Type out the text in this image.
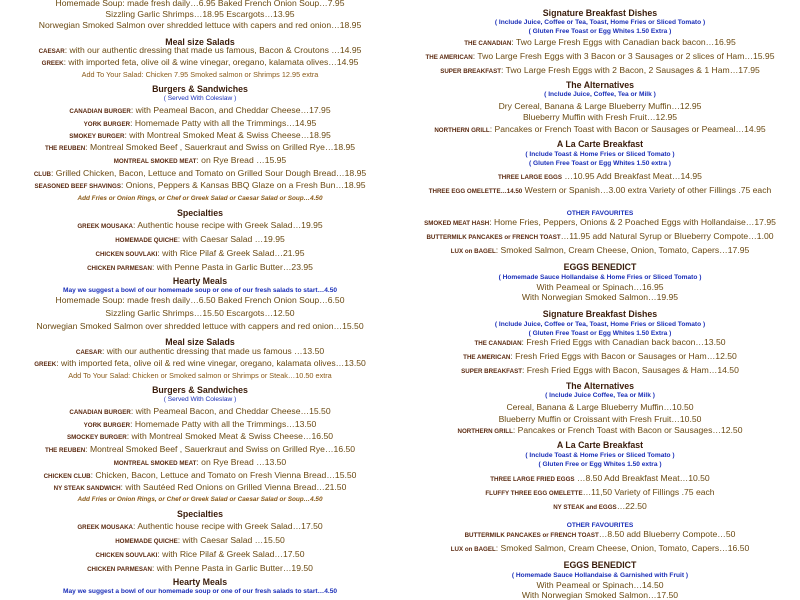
Homemade Soup: made fresh daily…6.95 Baked French Onion Soup…7.95
Sizzling Garlic Shrimps…18.95 Escargots…13.95
Norwegian Smoked Salmon over shredded lettuce with capers and red onion…18.95
Meal size Salads
CAESAR: with our authentic dressing that made us famous, Bacon & Croutons …14.95
GREEK: with imported feta, olive oil & wine vinegar, oregano, kalamata olives…14.95
Add To Your Salad: Chicken 7.95 Smoked salmon or Shrimps 12.95 extra
Burgers & Sandwiches
( Served With Coleslaw )
CANADIAN BURGER: with Peameal Bacon, and Cheddar Cheese…17.95
YORK BURGER: Homemade Patty with all the Trimmings…14.95
SMOKEY BURGER: with Montreal Smoked Meat & Swiss Cheese…18.95
THE REUBEN: Montreal Smoked Beef , Sauerkraut and Swiss on Grilled Rye…18.95
MONTREAL SMOKED MEAT: on Rye Bread …15.95
CLUB: Grilled Chicken, Bacon, Lettuce and Tomato on Grilled Sour Dough Bread…18.95
SEASONED BEEF SHAVINGS: Onions, Peppers & Kansas BBQ Glaze on a Fresh Bun…18.95
Add Fries or Onion Rings, or Chef or Greek Salad or Caesar Salad or Soup…4.50
Specialties
GREEK MOUSAKA: Authentic house recipe with Greek Salad…19.95
HOMEMADE QUICHE: with Caesar Salad …19.95
CHICKEN SOUVLAKI: with Rice Pilaf & Greek Salad…21.95
CHICKEN PARMESAN: with Penne Pasta in Garlic Butter…23.95
Hearty Meals
May we suggest a bowl of our homemade soup or one of our fresh salads to start…4.50
Homemade Soup: made fresh daily…6.50 Baked French Onion Soup…6.50
Sizzling Garlic Shrimps…15.50 Escargots…12.50
Norwegian Smoked Salmon over shredded lettuce with cappers and red onion…15.50
Meal size Salads
CAESAR: with our authentic dressing that made us famous …13.50
GREEK: with imported feta, olive oil & red wine vinegar, oregano, kalamata olives…13.50
Add To Your Salad: Chicken or Smoked salmon or Shrimps or Steak…10.50 extra
Burgers & Sandwiches
( Served With Coleslaw )
CANADIAN BURGER: with Peameal Bacon, and Cheddar Cheese…15.50
YORK BURGER: Homemade Patty with all the Trimmings…13.50
SMOCKEY BURGER: with Montreal Smoked Meat & Swiss Cheese…16.50
THE REUBEN: Montreal Smoked Beef , Sauerkraut and Swiss on Grilled Rye…16.50
MONTREAL SMOKED MEAT: on Rye Bread …13.50
CHICKEN CLUB: Chicken, Bacon, Lettuce and Tomato on Fresh Vienna Bread…15.50
NY STEAK SANDWICH: with Sautéed Red Onions on Grilled Vienna Bread…21.50
Add Fries or Onion Rings, or Chef or Greek Salad or Caesar Salad or Soup…4.50
Specialties
GREEK MOUSAKA: Authentic house recipe with Greek Salad…17.50
HOMEMADE QUICHE: with Caesar Salad …15.50
CHICKEN SOUVLAKI: with Rice Pilaf & Greek Salad…17.50
CHICKEN PARMESAN: with Penne Pasta in Garlic Butter…19.50
Hearty Meals
May we suggest a bowl of our homemade soup or one of our fresh salads to start…4.50
Signature Breakfast Dishes
( Include Juice, Coffee or Tea, Toast, Home Fries or Sliced Tomato )
( Gluten Free Toast or Egg Whites 1.50 Extra )
THE CANADIAN: Two Large Fresh Eggs with Canadian back bacon…16.95
THE AMERICAN: Two Large Fresh Eggs with 3 Bacon or 3 Sausages or 2 slices of Ham…15.95
SUPER BREAKFAST: Two Large Fresh Eggs with 2 Bacon, 2 Sausages & 1 Ham…17.95
The Alternatives
( Include Juice, Coffee, Tea or Milk )
Dry Cereal, Banana & Large Blueberry Muffin…12.95
Blueberry Muffin with Fresh Fruit…12.95
NORTHERN GRILL: Pancakes or French Toast with Bacon or Sausages or Peameal…14.95
A La Carte Breakfast
( Include Toast & Home Fries or Sliced Tomato )
( Gluten Free Toast or Egg Whites 1.50 extra )
THREE LARGE EGGS …10.95 Add Breakfast Meat…14.95
THREE EGG OMELETTE…14.50 Western or Spanish…3.00 extra Variety of other Fillings .75 each
OTHER FAVOURITES
SMOKED MEAT HASH: Home Fries, Peppers, Onions & 2 Poached Eggs with Hollandaise…17.95
BUTTERMILK PANCAKES or FRENCH TOAST…11.95 add Natural Syrup or Blueberry Compote…1.00
LUX on BAGEL: Smoked Salmon, Cream Cheese, Onion, Tomato, Capers…17.95
EGGS BENEDICT
( Homemade Sauce Hollandaise & Home Fries or Sliced Tomato )
With Peameal or Spinach…16.95
With Norwegian Smoked Salmon…19.95
Signature Breakfast Dishes
( Include Juice, Coffee or Tea, Toast, Home Fries or Sliced Tomato )
( Gluten Free Toast or Egg Whites 1.50 Extra )
THE CANADIAN: Fresh Fried Eggs with Canadian back bacon…13.50
THE AMERICAN: Fresh Fried Eggs with Bacon or Sausages or Ham…12.50
SUPER BREAKFAST: Fresh Fried Eggs with Bacon, Sausages & Ham…14.50
The Alternatives
( Include Juice Coffee, Tea or Milk )
Cereal, Banana & Large Blueberry Muffin…10.50
Blueberry Muffin or Croissant with Fresh Fruit…10.50
NORTHERN GRILL: Pancakes or French Toast with Bacon or Sausages…12.50
A La Carte Breakfast
( Include Toast & Home Fries or Sliced Tomato )
( Gluten Free or Egg Whites 1.50 extra )
THREE LARGE FRIED EGGS …8.50 Add Breakfast Meat…10.50
FLUFFY THREE EGG OMELETTE…11,50 Variety of Fillings .75 each
NY STEAK and EGGS…22.50
OTHER FAVOURITES
BUTTERMILK PANCAKES or FRENCH TOAST…8.50 add Blueberry Compote…50
LUX on BAGEL: Smoked Salmon, Cream Cheese, Onion, Tomato, Capers…16.50
EGGS BENEDICT
( Homemade Sauce Hollandaise & Garnished with Fruit )
With Peameal or Spinach…14.50
With Norwegian Smoked Salmon…17.50
